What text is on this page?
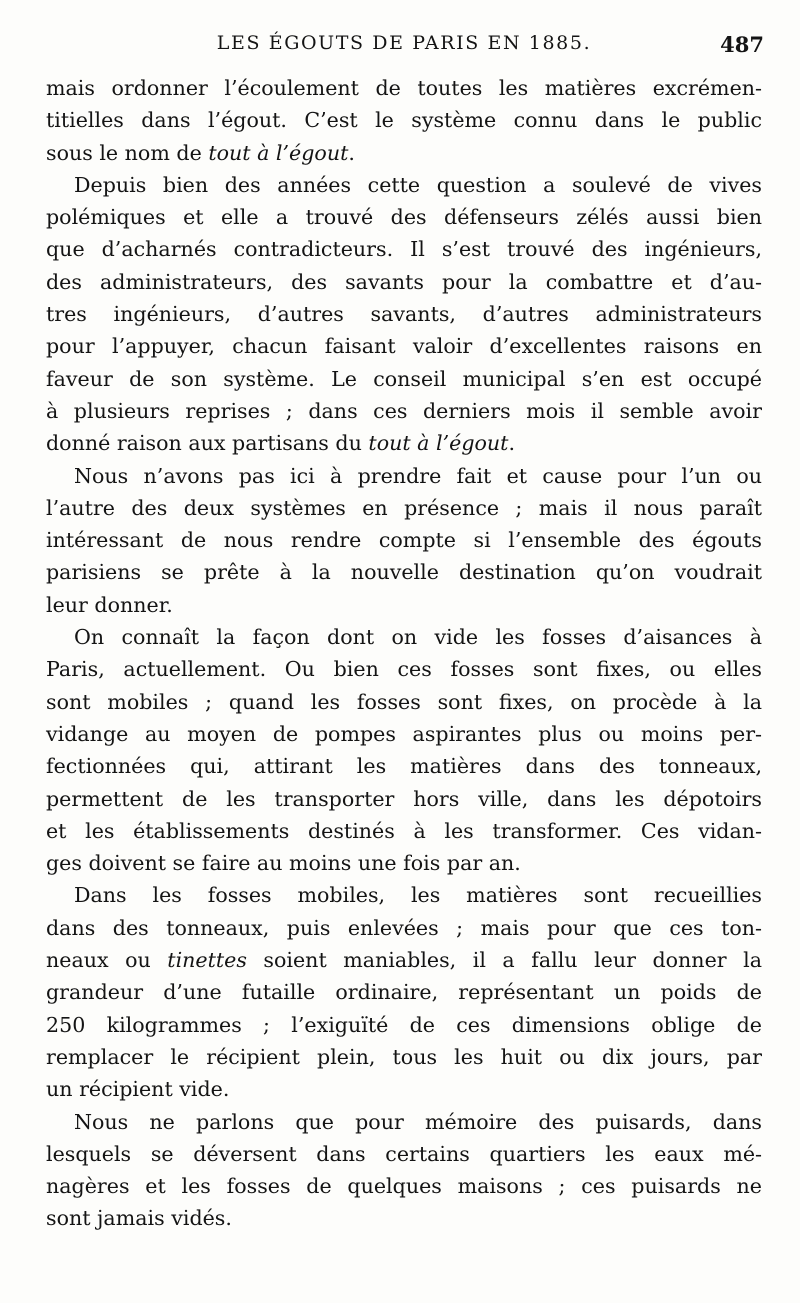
LES ÉGOUTS DE PARIS EN 1885.	487
mais ordonner l’écoulement de toutes les matières excrémen-
titielles dans l’égout. C’est le système connu dans le public
sous le nom de tout à l’égout.
Depuis bien des années cette question a soulevé de vives
polémiques et elle a trouvé des défenseurs zélés aussi bien
que d’acharnés contradicteurs. Il s’est trouvé des ingénieurs,
des administrateurs, des savants pour la combattre et d’au-
tres ingénieurs, d’autres savants, d’autres administrateurs
pour l’appuyer, chacun faisant valoir d’excellentes raisons en
faveur de son système. Le conseil municipal s’en est occupé
à plusieurs reprises ; dans ces derniers mois il semble avoir
donné raison aux partisans du tout à l’égout.
Nous n’avons pas ici à prendre fait et cause pour l’un ou
l’autre des deux systèmes en présence ; mais il nous paraît
intéressant de nous rendre compte si l’ensemble des égouts
parisiens se prête à la nouvelle destination qu’on voudrait
leur donner.
On connaît la façon dont on vide les fosses d’aisances à
Paris, actuellement. Ou bien ces fosses sont fixes, ou elles
sont mobiles ; quand les fosses sont fixes, on procède à la
vidange au moyen de pompes aspirantes plus ou moins per-
fectionnées qui, attirant les matières dans des tonneaux,
permettent de les transporter hors ville, dans les dépotoirs
et les établissements destinés à les transformer. Ces vidan-
ges doivent se faire au moins une fois par an.
Dans les fosses mobiles, les matières sont recueillies
dans des tonneaux, puis enlevées ; mais pour que ces ton-
neaux ou tinettes soient maniables, il a fallu leur donner la
grandeur d’une futaille ordinaire, représentant un poids de
250 kilogrammes ; l’exiguïté de ces dimensions oblige de
remplacer le récipient plein, tous les huit ou dix jours, par
un récipient vide.
Nous ne parlons que pour mémoire des puisards, dans
lesquels se déversent dans certains quartiers les eaux mé-
nagères et les fosses de quelques maisons ; ces puisards ne
sont jamais vidés.
